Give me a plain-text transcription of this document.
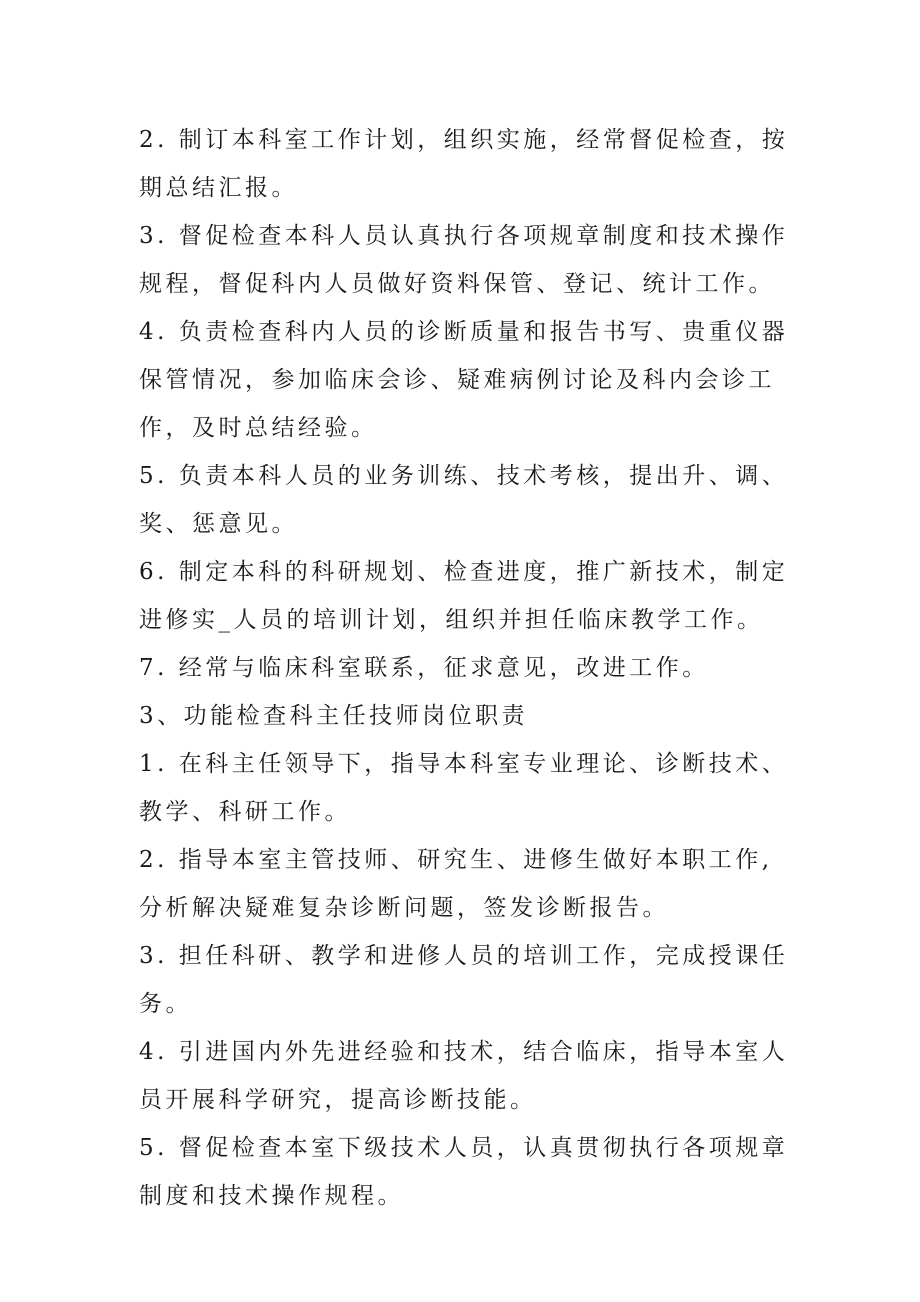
2. 制订本科室工作计划，组织实施，经常督促检查，按期总结汇报。

3. 督促检查本科人员认真执行各项规章制度和技术操作规程，督促科内人员做好资料保管、登记、统计工作。

4. 负责检查科内人员的诊断质量和报告书写、贵重仪器保管情况，参加临床会诊、疑难病例讨论及科内会诊工作，及时总结经验。

5. 负责本科人员的业务训练、技术考核，提出升、调、奖、惩意见。

6. 制定本科的科研规划、检查进度，推广新技术，制定进修实_人员的培训计划，组织并担任临床教学工作。

7. 经常与临床科室联系，征求意见，改进工作。

3、功能检查科主任技师岗位职责

1. 在科主任领导下，指导本科室专业理论、诊断技术、教学、科研工作。

2. 指导本室主管技师、研究生、进修生做好本职工作,分析解决疑难复杂诊断问题，签发诊断报告。

3. 担任科研、教学和进修人员的培训工作，完成授课任务。

4. 引进国内外先进经验和技术，结合临床，指导本室人员开展科学研究，提高诊断技能。

5. 督促检查本室下级技术人员，认真贯彻执行各项规章制度和技术操作规程。
